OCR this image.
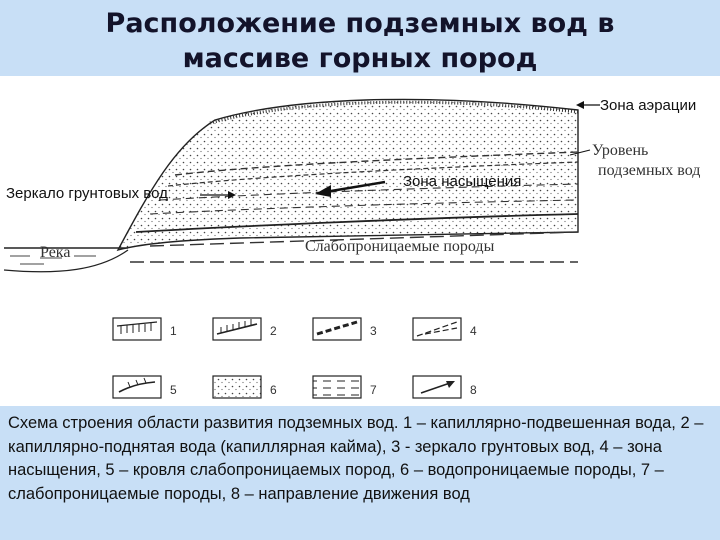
Расположение подземных вод в
массиве горных пород
Зона аэрации
Уровень
подземных вод
Зеркало грунтовых вод
Зона насыщения
Река	Слабопроницаемые породы
1	2	3	4
5	6	7	8
Схема строения области развития подземных вод. 1 – капиллярно-подвешенная вода, 2 – капиллярно-поднятая вода (капиллярная кайма), 3 - зеркало грунтовых вод, 4 – зона насыщения, 5 – кровля слабопроницаемых пород, 6 – водопроницаемые породы, 7 – слабопроницаемые породы, 8 – направление движения вод
